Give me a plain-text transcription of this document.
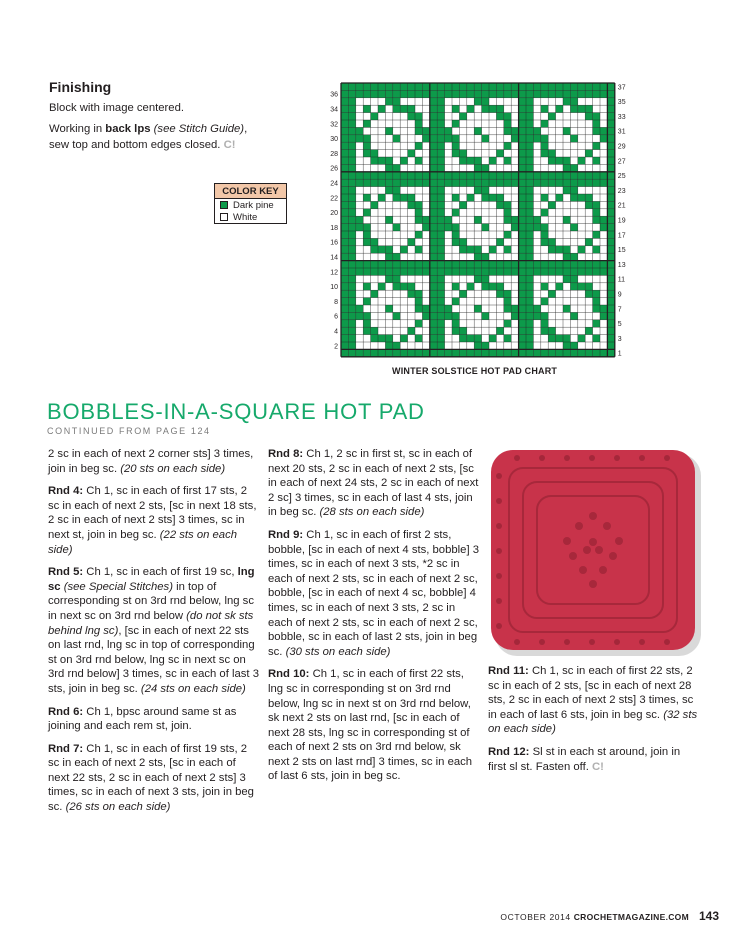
Finishing
Block with image centered.
Working in back lps (see Stitch Guide), sew top and bottom edges closed. C!
COLOR KEY
Dark pine
White
36
34
32
30
28
26
24
22
20
18
16
14
12
10
8
6
4
2
37
35
33
31
29
27
25
23
21
19
17
15
13
11
9
7
5
3
1
WINTER SOLSTICE HOT PAD CHART
BOBBLES-IN-A-SQUARE HOT PAD
CONTINUED FROM PAGE 124

2 sc in each of next 2 corner sts] 3 times, join in beg sc. (20 sts on each side)

Rnd 4: Ch 1, sc in each of first 17 sts, 2 sc in each of next 2 sts, [sc in next 18 sts, 2 sc in each of next 2 sts] 3 times, sc in next st, join in beg sc. (22 sts on each side)

Rnd 5: Ch 1, sc in each of first 19 sc, lng sc (see Special Stitches) in top of corresponding st on 3rd rnd below, lng sc in next sc on 3rd rnd below (do not sk sts behind lng sc), [sc in each of next 22 sts on last rnd, lng sc in top of corresponding st on 3rd rnd below, lng sc in next sc on 3rd rnd below] 3 times, sc in each of last 3 sts, join in beg sc. (24 sts on each side)

Rnd 6: Ch 1, bpsc around same st as joining and each rem st, join.

Rnd 7: Ch 1, sc in each of first 19 sts, 2 sc in each of next 2 sts, [sc in each of next 22 sts, 2 sc in each of next 2 sts] 3 times, sc in each of next 3 sts, join in beg sc. (26 sts on each side)

Rnd 8: Ch 1, 2 sc in first st, sc in each of next 20 sts, 2 sc in each of next 2 sts, [sc in each of next 24 sts, 2 sc in each of next 2 sc] 3 times, sc in each of last 4 sts, join in beg sc. (28 sts on each side)

Rnd 9: Ch 1, sc in each of first 2 sts, bobble, [sc in each of next 4 sts, bobble] 3 times, sc in each of next 3 sts, *2 sc in each of next 2 sts, sc in each of next 2 sc, bobble, [sc in each of next 4 sc, bobble] 4 times, sc in each of next 3 sts, 2 sc in each of next 2 sts, sc in each of next 2 sc, bobble, sc in each of last 2 sts, join in beg sc. (30 sts on each side)

Rnd 10: Ch 1, sc in each of first 22 sts, lng sc in corresponding st on 3rd rnd below, lng sc in next st on 3rd rnd below, sk next 2 sts on last rnd, [sc in each of next 28 sts, lng sc in corresponding st of each of next 2 sts on 3rd rnd below, sk next 2 sts on last rnd] 3 times, sc in each of last 6 sts, join in beg sc.

Rnd 11: Ch 1, sc in each of first 22 sts, 2 sc in each of 2 sts, [sc in each of next 28 sts, 2 sc in each of next 2 sts] 3 times, sc in each of last 6 sts, join in beg sc. (32 sts on each side)

Rnd 12: Sl st in each st around, join in first sl st. Fasten off. C!

OCTOBER 2014 CROCHETMAGAZINE.COM 143
